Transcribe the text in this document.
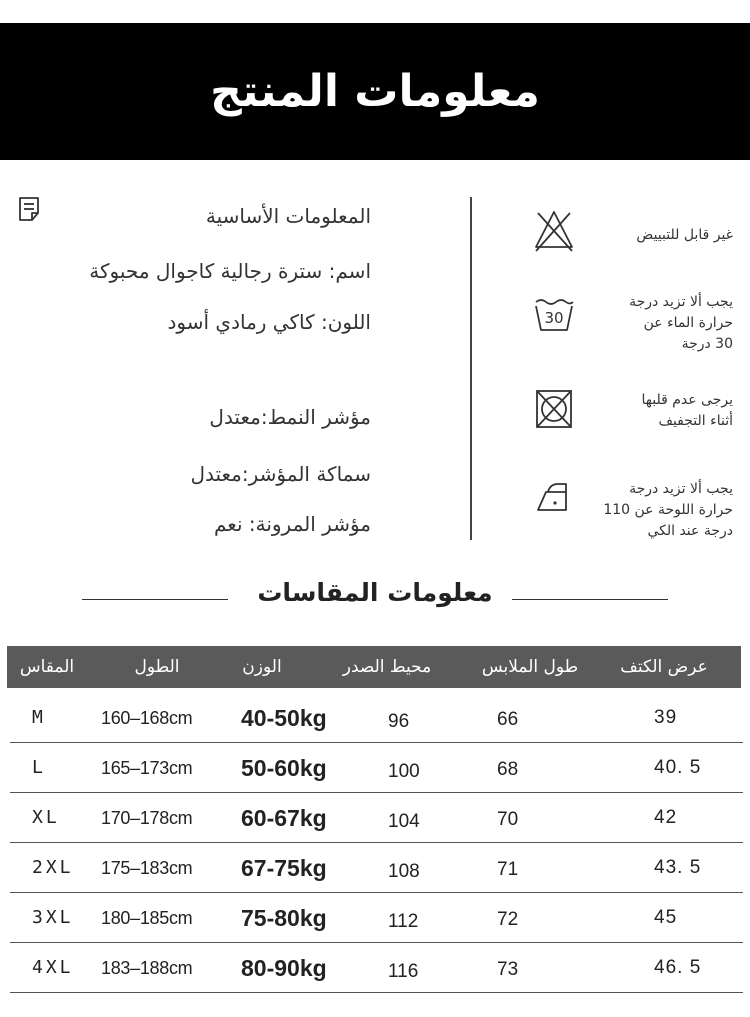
معلومات المنتج
المعلومات الأساسية
اسم: سترة رجالية كاجوال محبوكة
اللون: كاكي رمادي أسود
مؤشر النمط:معتدل
سماكة المؤشر:معتدل
مؤشر المرونة: نعم
غير قابل للتبييض
30
يجب ألا تزيد درجة
حرارة الماء عن
30 درجة
يرجى عدم قلبها
أثناء التجفيف
يجب ألا تزيد درجة
حرارة اللوحة عن 110
درجة عند الكي
معلومات المقاسات
المقاس	الطول	الوزن	محيط الصدر	طول الملابس	عرض الكتف
M	160–168cm 40-50kg	96	66	39
L	165–173cm 50-60kg	100	68	40. 5
XL 170–178cm 60-67kg	104	70	42
2XL 175–183cm 67-75kg	108	71	43. 5
3XL 180–185cm 75-80kg	112	72	45
4XL 183–188cm 80-90kg	116	73	46. 5
